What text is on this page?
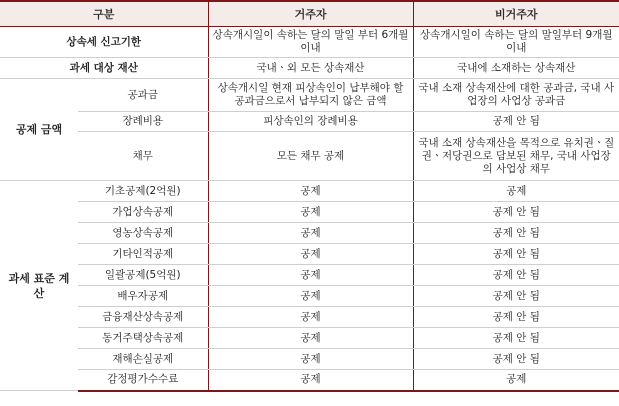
구분		거주자	비거주자
상속세 신고기한		상속개시일이 속하는 달의 말일 부터 6개월 이내	상속개시일이 속하는 달의 말일부터 9개월 이내
과세 대상 재산		국내ㆍ외 모든 상속재산	국내에 소재하는 상속재산
공제 금액	공과금	상속개시일 현재 피상속인이 납부해야 할 공과금으로서 납부되지 않은 금액	국내 소재 상속재산에 대한 공과금, 국내 사업장의 사업상 공과금
	장례비용	피상속인의 장례비용	공제 안 됨
	채무	모든 채무 공제	국내 소재 상속재산을 목적으로 유치권ㆍ질권ㆍ저당권으로 담보된 채무, 국내 사업장의 사업상 채무
과세 표준 계산	기초공제(2억원)	공제	공제
	가업상속공제	공제	공제 안 됨
	영농상속공제	공제	공제 안 됨
	기타인적공제	공제	공제 안 됨
	일괄공제(5억원)	공제	공제 안 됨
	배우자공제	공제	공제 안 됨
	금융재산상속공제	공제	공제 안 됨
	동거주택상속공제	공제	공제 안 됨
	재해손실공제	공제	공제 안 됨
	감정평가수수료	공제	공제
